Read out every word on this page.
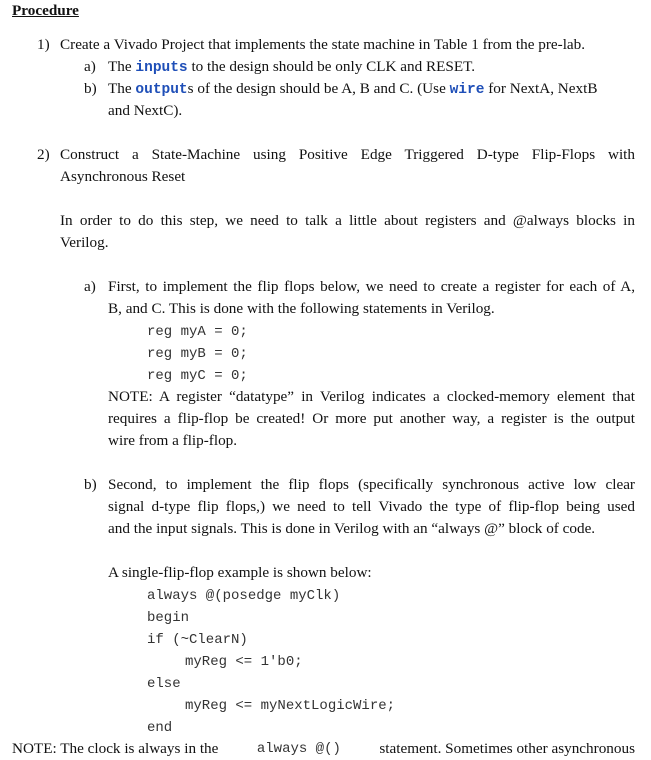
Procedure
1) Create a Vivado Project that implements the state machine in Table 1 from the pre-lab.
a) The inputs to the design should be only CLK and RESET.
b) The outputs of the design should be A, B and C. (Use wire for NextA, NextB
and NextC).
2) Construct a State-Machine using Positive Edge Triggered D-type Flip-Flops with
Asynchronous Reset
In order to do this step, we need to talk a little about registers and @always blocks in
Verilog.
a) First, to implement the flip flops below, we need to create a register for each of A,
B, and C. This is done with the following statements in Verilog.
reg myA = 0;
reg myB = 0;
reg myC = 0;
NOTE: A register “datatype” in Verilog indicates a clocked-memory element that
requires a flip-flop be created! Or more put another way, a register is the output
wire from a flip-flop.
b) Second, to implement the flip flops (specifically synchronous active low clear
signal d-type flip flops,) we need to tell Vivado the type of flip-flop being used
and the input signals. This is done in Verilog with an “always @” block of code.
A single-flip-flop example is shown below:
always @(posedge myClk)
begin
if (~ClearN)
myReg <= 1'b0;
else
myReg <= myNextLogicWire;
end
NOTE: The clock is always in the	always @()	statement. Sometimes other asynchronous
